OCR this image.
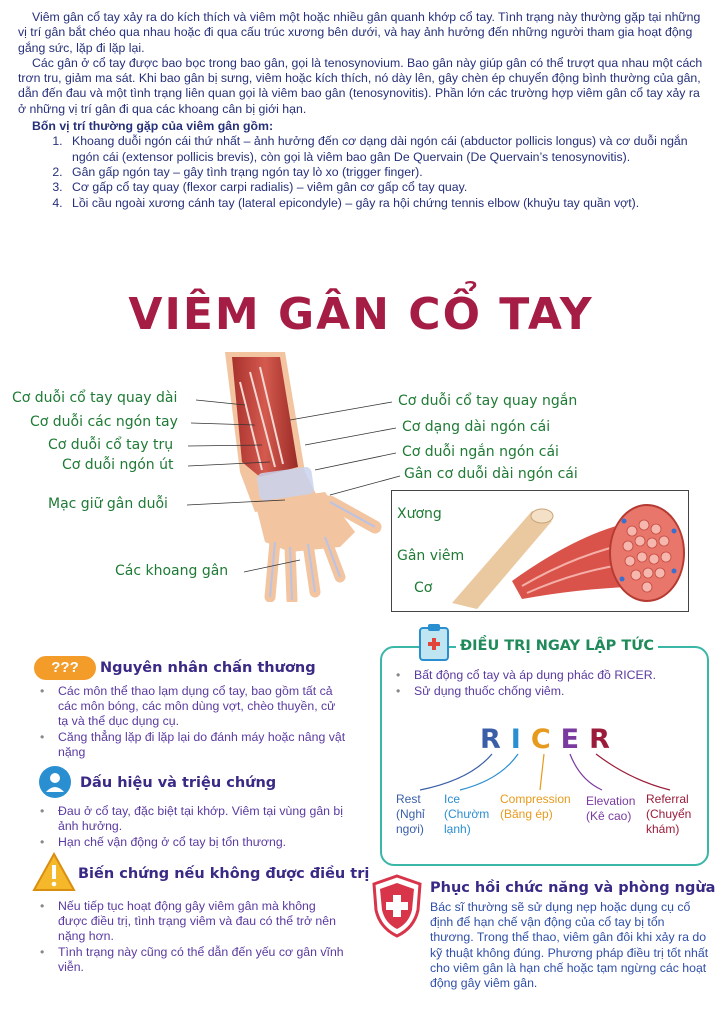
Viêm gân cổ tay xảy ra do kích thích và viêm một hoặc nhiều gân quanh khớp cổ tay. Tình trạng này thường gặp tại những vị trí gân bắt chéo qua nhau hoặc đi qua cấu trúc xương bên dưới, và hay ảnh hưởng đến những người tham gia hoạt động gắng sức, lặp đi lặp lại.

Các gân ở cổ tay được bao bọc trong bao gân, gọi là tenosynovium. Bao gân này giúp gân có thể trượt qua nhau một cách trơn tru, giảm ma sát. Khi bao gân bị sưng, viêm hoặc kích thích, nó dày lên, gây chèn ép chuyển động bình thường của gân, dẫn đến đau và một tình trạng liên quan gọi là viêm bao gân (tenosynovitis). Phần lớn các trường hợp viêm gân cổ tay xảy ra ở những vị trí gân đi qua các khoang cân bị giới hạn.

Bốn vị trí thường gặp của viêm gân gồm:
1. Khoang duỗi ngón cái thứ nhất – ảnh hưởng đến cơ dạng dài ngón cái (abductor pollicis longus) và cơ duỗi ngắn ngón cái (extensor pollicis brevis), còn gọi là viêm bao gân De Quervain (De Quervain’s tenosynovitis).
2. Gân gấp ngón tay – gây tình trạng ngón tay lò xo (trigger finger).
3. Cơ gấp cổ tay quay (flexor carpi radialis) – viêm gân cơ gấp cổ tay quay.
4. Lồi cầu ngoài xương cánh tay (lateral epicondyle) – gây ra hội chứng tennis elbow (khuỷu tay quần vợt).
VIÊM GÂN CỔ TAY
Cơ duỗi cổ tay quay dài
Cơ duỗi các ngón tay
Cơ duỗi cổ tay trụ
Cơ duỗi ngón út
Mạc giữ gân duỗi
Các khoang gân
Cơ duỗi cổ tay quay ngắn
Cơ dạng dài ngón cái
Cơ duỗi ngắn ngón cái
Gân cơ duỗi dài ngón cái
Xương
Gân viêm
Cơ
???	Nguyên nhân chấn thương
• Các môn thể thao lạm dụng cổ tay, bao gồm tất cả các môn bóng, các môn dùng vợt, chèo thuyền, cử tạ và thể dục dụng cụ.
• Căng thẳng lặp đi lặp lại do đánh máy hoặc nâng vật nặng
Dấu hiệu và triệu chứng
• Đau ở cổ tay, đặc biệt tại khớp. Viêm tại vùng gân bị ảnh hưởng.
• Hạn chế vận động ở cổ tay bị tổn thương.
Biến chứng nếu không được điều trị
• Nếu tiếp tục hoạt động gây viêm gân mà không được điều trị, tình trạng viêm và đau có thể trở nên nặng hơn.
• Tình trạng này cũng có thể dẫn đến yếu cơ gân vĩnh viễn.
ĐIỀU TRỊ NGAY LẬP TỨC
• Bất động cổ tay và áp dụng phác đồ RICER.
• Sử dụng thuốc chống viêm.
RICER
Rest
(Nghỉ ngơi)
Ice
(Chườm lạnh)
Compression
(Băng ép)
Elevation
(Kê cao)
Referral
(Chuyển khám)
Phục hồi chức năng và phòng ngừa
Bác sĩ thường sẽ sử dụng nẹp hoặc dụng cụ cố định để hạn chế vận động của cổ tay bị tổn thương. Trong thể thao, viêm gân đôi khi xảy ra do kỹ thuật không đúng. Phương pháp điều trị tốt nhất cho viêm gân là hạn chế hoặc tạm ngừng các hoạt động gây viêm gân.
